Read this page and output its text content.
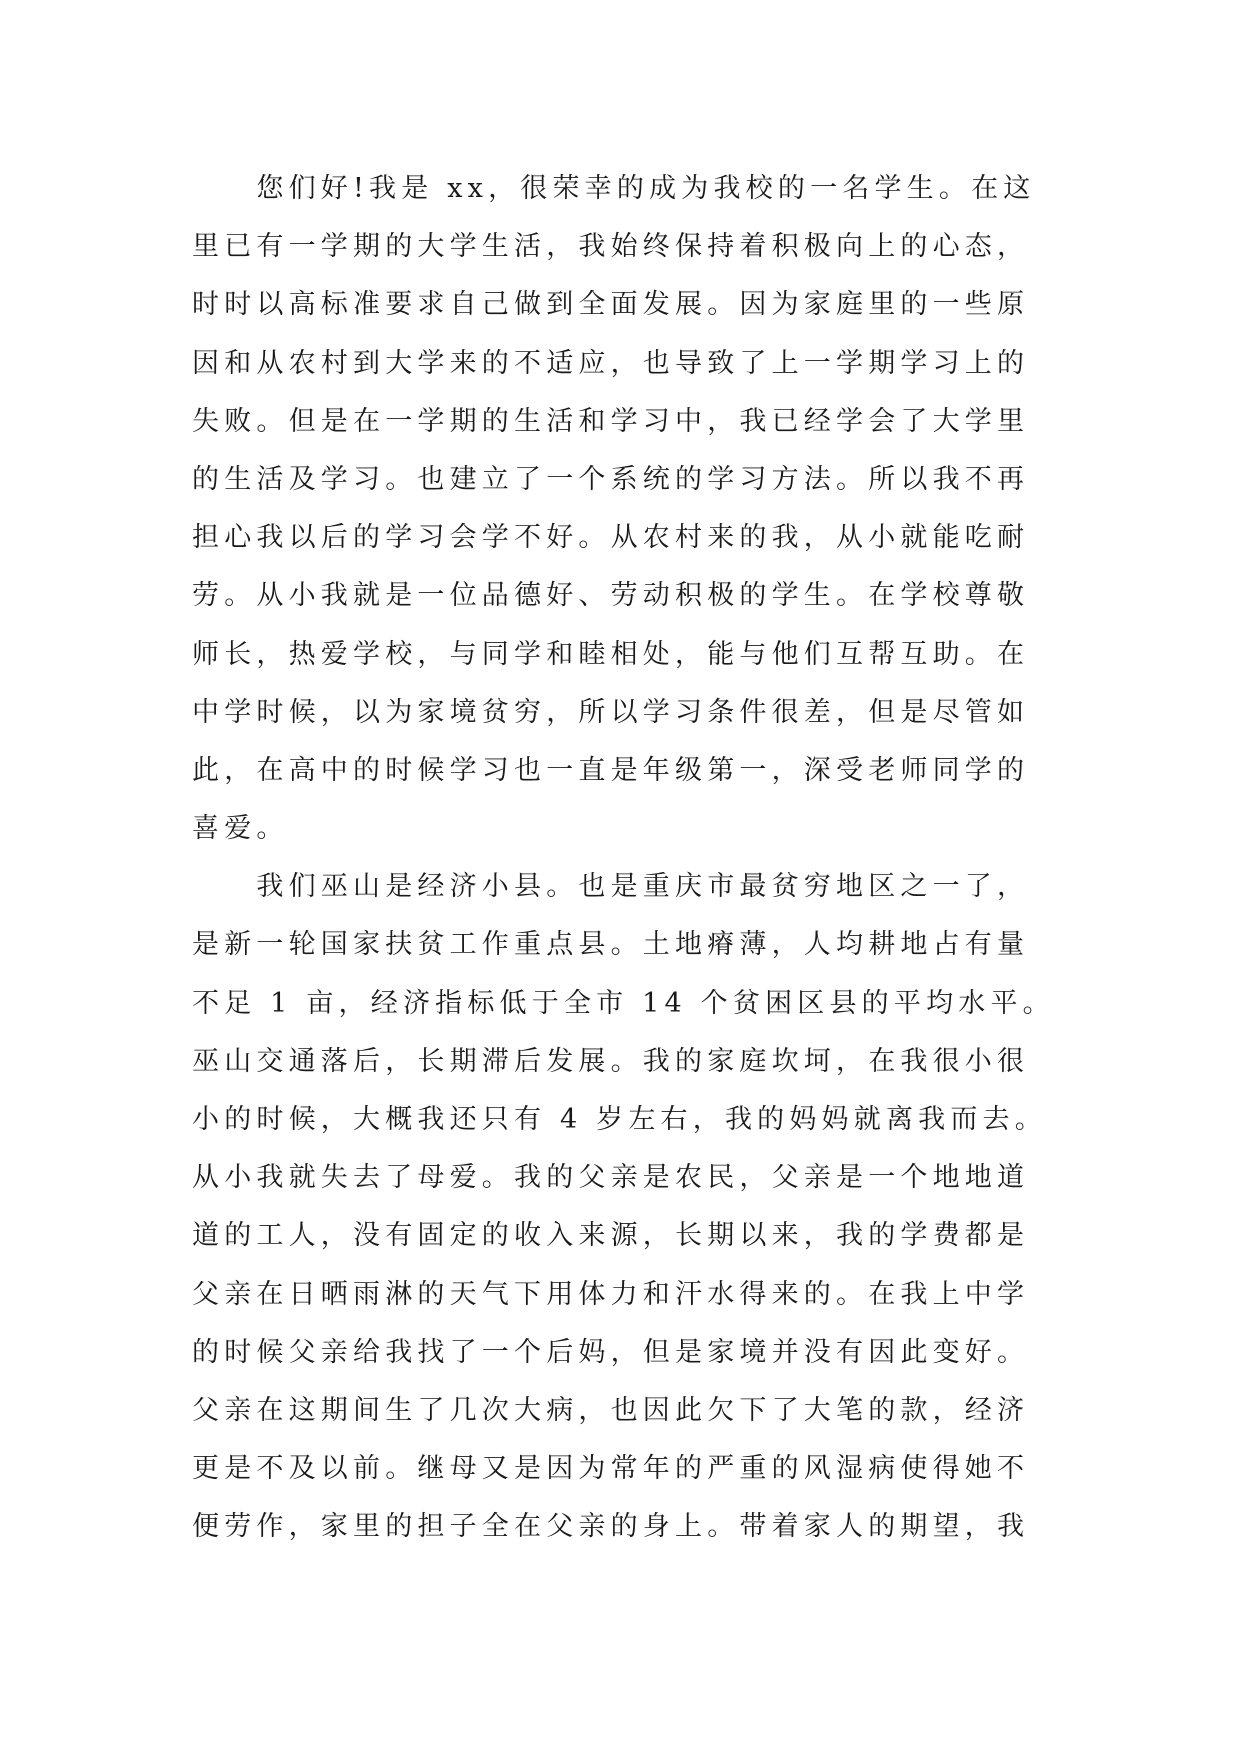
　　您们好!我是 xx，很荣幸的成为我校的一名学生。在这
里已有一学期的大学生活，我始终保持着积极向上的心态，
时时以高标准要求自己做到全面发展。因为家庭里的一些原
因和从农村到大学来的不适应，也导致了上一学期学习上的
失败。但是在一学期的生活和学习中，我已经学会了大学里
的生活及学习。也建立了一个系统的学习方法。所以我不再
担心我以后的学习会学不好。从农村来的我，从小就能吃耐
劳。从小我就是一位品德好、劳动积极的学生。在学校尊敬
师长，热爱学校，与同学和睦相处，能与他们互帮互助。在
中学时候，以为家境贫穷，所以学习条件很差，但是尽管如
此，在高中的时候学习也一直是年级第一，深受老师同学的
喜爱。
　　我们巫山是经济小县。也是重庆市最贫穷地区之一了，
是新一轮国家扶贫工作重点县。土地瘠薄，人均耕地占有量
不足 1 亩，经济指标低于全市 14 个贫困区县的平均水平。
巫山交通落后，长期滞后发展。我的家庭坎坷，在我很小很
小的时候，大概我还只有 4 岁左右，我的妈妈就离我而去。
从小我就失去了母爱。我的父亲是农民，父亲是一个地地道
道的工人，没有固定的收入来源，长期以来，我的学费都是
父亲在日晒雨淋的天气下用体力和汗水得来的。在我上中学
的时候父亲给我找了一个后妈，但是家境并没有因此变好。
父亲在这期间生了几次大病，也因此欠下了大笔的款，经济
更是不及以前。继母又是因为常年的严重的风湿病使得她不
便劳作，家里的担子全在父亲的身上。带着家人的期望，我
